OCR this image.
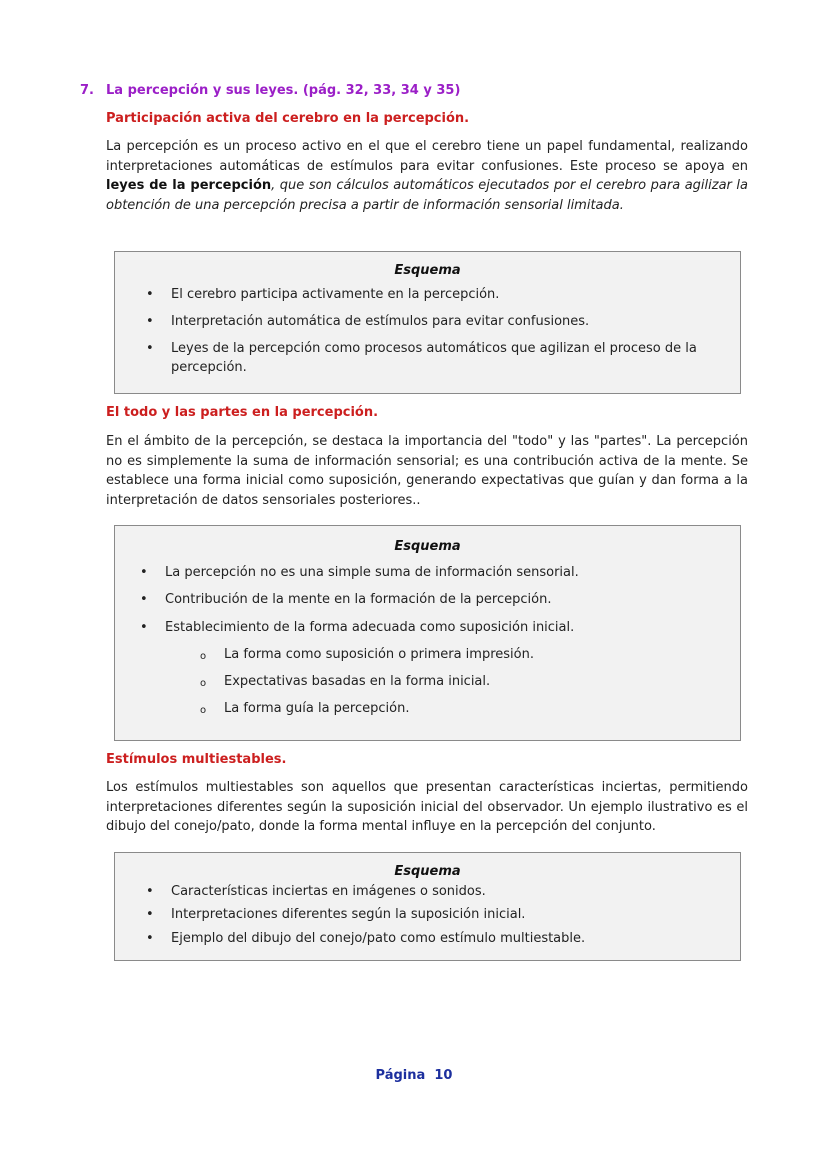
7. La percepción y sus leyes. (pág. 32, 33, 34 y 35)
Participación activa del cerebro en la percepción.

La percepción es un proceso activo en el que el cerebro tiene un papel fundamental, realizando interpretaciones automáticas de estímulos para evitar confusiones. Este proceso se apoya en leyes de la percepción, que son cálculos automáticos ejecutados por el cerebro para agilizar la obtención de una percepción precisa a partir de información sensorial limitada.

Esquema
• El cerebro participa activamente en la percepción.
• Interpretación automática de estímulos para evitar confusiones.
• Leyes de la percepción como procesos automáticos que agilizan el proceso de la percepción.
El todo y las partes en la percepción.

En el ámbito de la percepción, se destaca la importancia del "todo" y las "partes". La percepción no es simplemente la suma de información sensorial; es una contribución activa de la mente. Se establece una forma inicial como suposición, generando expectativas que guían y dan forma a la interpretación de datos sensoriales posteriores..

Esquema
• La percepción no es una simple suma de información sensorial.
• Contribución de la mente en la formación de la percepción.
• Establecimiento de la forma adecuada como suposición inicial.
o La forma como suposición o primera impresión.
o Expectativas basadas en la forma inicial.
o La forma guía la percepción.
Estímulos multiestables.

Los estímulos multiestables son aquellos que presentan características inciertas, permitiendo interpretaciones diferentes según la suposición inicial del observador. Un ejemplo ilustrativo es el dibujo del conejo/pato, donde la forma mental influye en la percepción del conjunto.

Esquema
• Características inciertas en imágenes o sonidos.
• Interpretaciones diferentes según la suposición inicial.
• Ejemplo del dibujo del conejo/pato como estímulo multiestable.
Página 10
